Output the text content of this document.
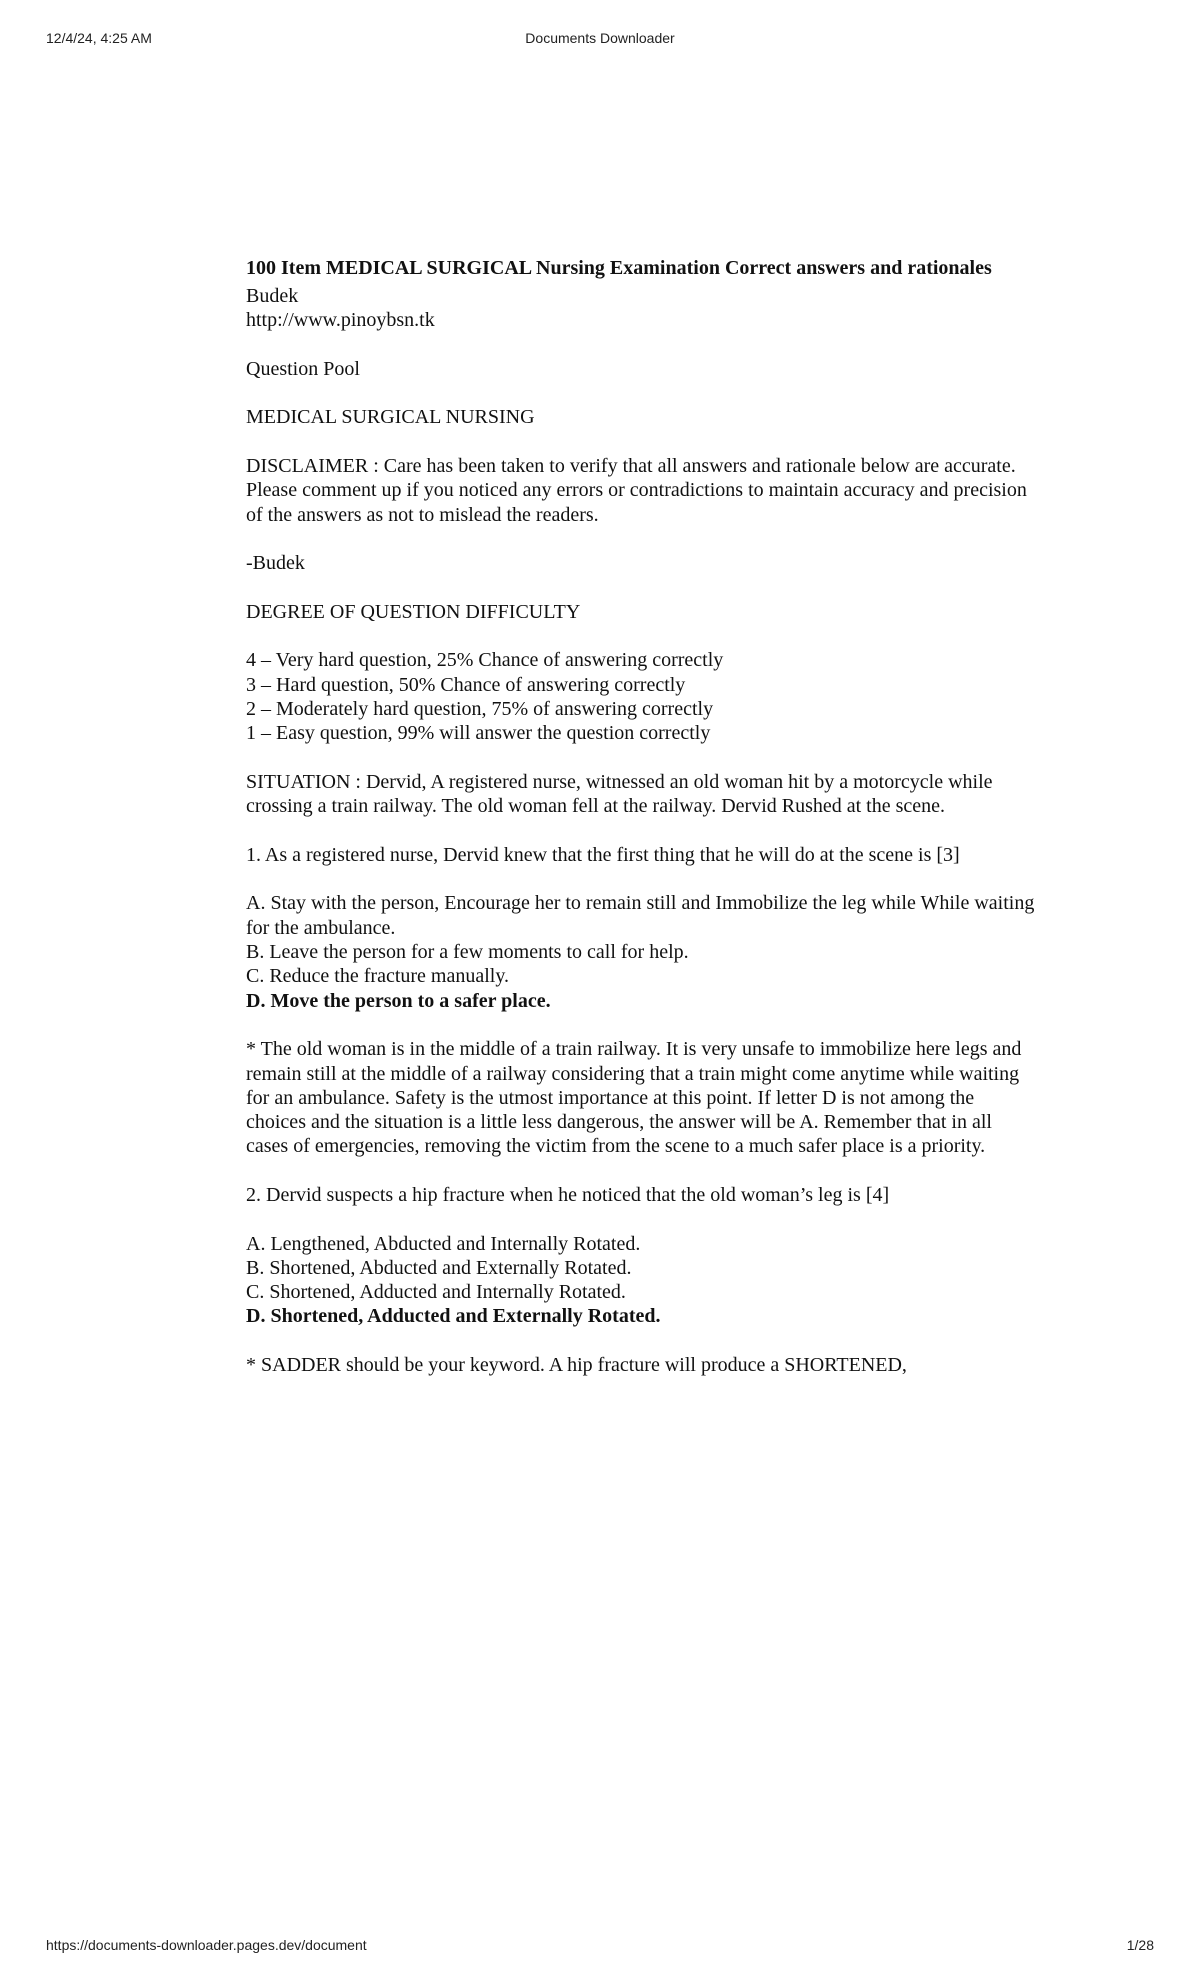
12/4/24, 4:25 AM	Documents Downloader
100 Item MEDICAL SURGICAL Nursing Examination Correct answers and rationales

Budek
http://www.pinoybsn.tk

Question Pool

MEDICAL SURGICAL NURSING

DISCLAIMER : Care has been taken to verify that all answers and rationale below are accurate. Please comment up if you noticed any errors or contradictions to maintain accuracy and precision of the answers as not to mislead the readers.

-Budek

DEGREE OF QUESTION DIFFICULTY

4 – Very hard question, 25% Chance of answering correctly
3 – Hard question, 50% Chance of answering correctly
2 – Moderately hard question, 75% of answering correctly
1 – Easy question, 99% will answer the question correctly

SITUATION : Dervid, A registered nurse, witnessed an old woman hit by a motorcycle while crossing a train railway. The old woman fell at the railway. Dervid Rushed at the scene.

1. As a registered nurse, Dervid knew that the first thing that he will do at the scene is [3]

A. Stay with the person, Encourage her to remain still and Immobilize the leg while While waiting for the ambulance.
B. Leave the person for a few moments to call for help.
C. Reduce the fracture manually.
D. Move the person to a safer place.

* The old woman is in the middle of a train railway. It is very unsafe to immobilize here legs and remain still at the middle of a railway considering that a train might come anytime while waiting for an ambulance. Safety is the utmost importance at this point. If letter D is not among the choices and the situation is a little less dangerous, the answer will be A. Remember that in all cases of emergencies, removing the victim from the scene to a much safer place is a priority.

2. Dervid suspects a hip fracture when he noticed that the old woman’s leg is [4]

A. Lengthened, Abducted and Internally Rotated.
B. Shortened, Abducted and Externally Rotated.
C. Shortened, Adducted and Internally Rotated.
D. Shortened, Adducted and Externally Rotated.

* SADDER should be your keyword. A hip fracture will produce a SHORTENED,

https://documents-downloader.pages.dev/document	1/28
